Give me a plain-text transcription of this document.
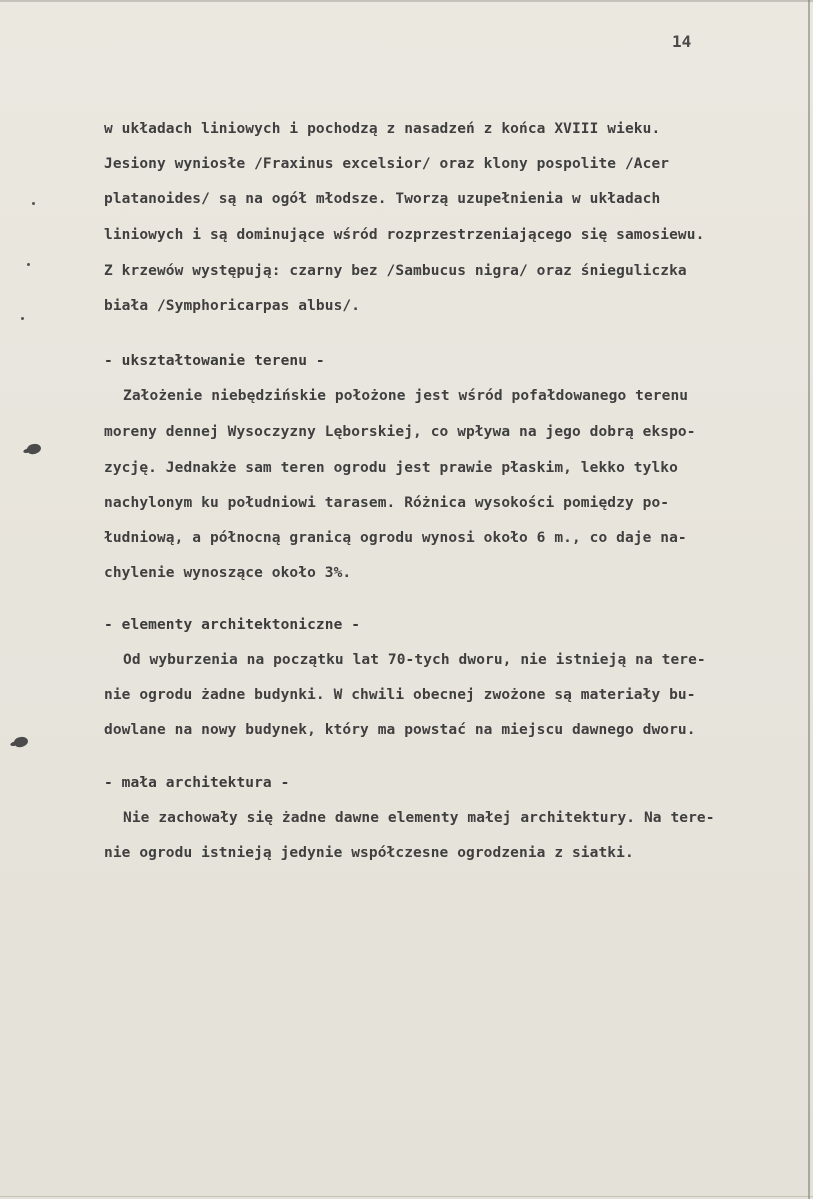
14
w układach liniowych i pochodzą z nasadzeń z końca XVIII wieku.
Jesiony wyniosłe /Fraxinus excelsior/ oraz klony pospolite /Acer
platanoides/ są na ogół młodsze. Tworzą uzupełnienia w układach
liniowych i są dominujące wśród rozprzestrzeniającego się samosiewu.
Z krzewów występują: czarny bez /Sambucus nigra/ oraz śnieguliczka
biała /Symphoricarpas albus/.
- ukształtowanie terenu -
Założenie niebędzińskie położone jest wśród pofałdowanego terenu
moreny dennej Wysoczyzny Lęborskiej, co wpływa na jego dobrą ekspo-
zycję. Jednakże sam teren ogrodu jest prawie płaskim, lekko tylko
nachylonym ku południowi tarasem. Różnica wysokości pomiędzy po-
łudniową, a północną granicą ogrodu wynosi około 6 m., co daje na-
chylenie wynoszące około 3%.
- elementy architektoniczne -
Od wyburzenia na początku lat 70-tych dworu, nie istnieją na tere-
nie ogrodu żadne budynki. W chwili obecnej zwożone są materiały bu-
dowlane na nowy budynek, który ma powstać na miejscu dawnego dworu.
- mała architektura -
Nie zachowały się żadne dawne elementy małej architektury. Na tere-
nie ogrodu istnieją jedynie współczesne ogrodzenia z siatki.
